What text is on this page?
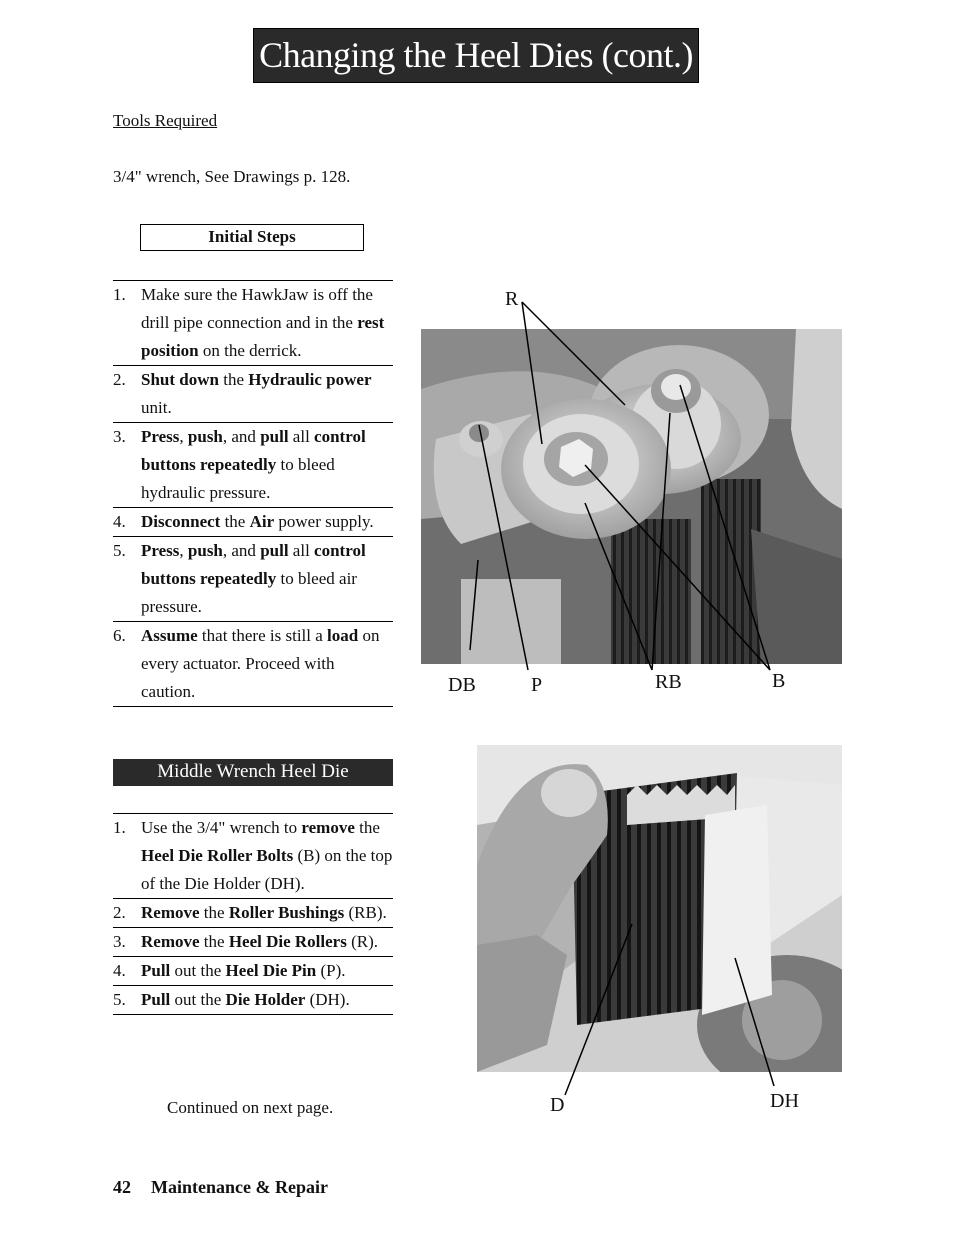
Changing the Heel Dies (cont.)
Tools Required
3/4" wrench, See Drawings p. 128.
Initial Steps
1. Make sure the HawkJaw is off the drill pipe connection and in the rest position on the derrick.
2. Shut down the Hydraulic power unit.
3. Press, push, and pull all control buttons repeatedly to bleed hydraulic pressure.
4. Disconnect the Air power supply.
5. Press, push, and pull all control buttons repeatedly to bleed air pressure.
6. Assume that there is still a load on every actuator. Proceed with caution.
Middle Wrench Heel Die
1. Use the 3/4" wrench to remove the Heel Die Roller Bolts (B) on the top of the Die Holder (DH).
2. Remove the Roller Bushings (RB).
3. Remove the Heel Die Rollers (R).
4. Pull out the Heel Die Pin (P).
5. Pull out the Die Holder (DH).
Continued on next page.
42 Maintenance & Repair
R
DB	P	RB	B
D	DH
